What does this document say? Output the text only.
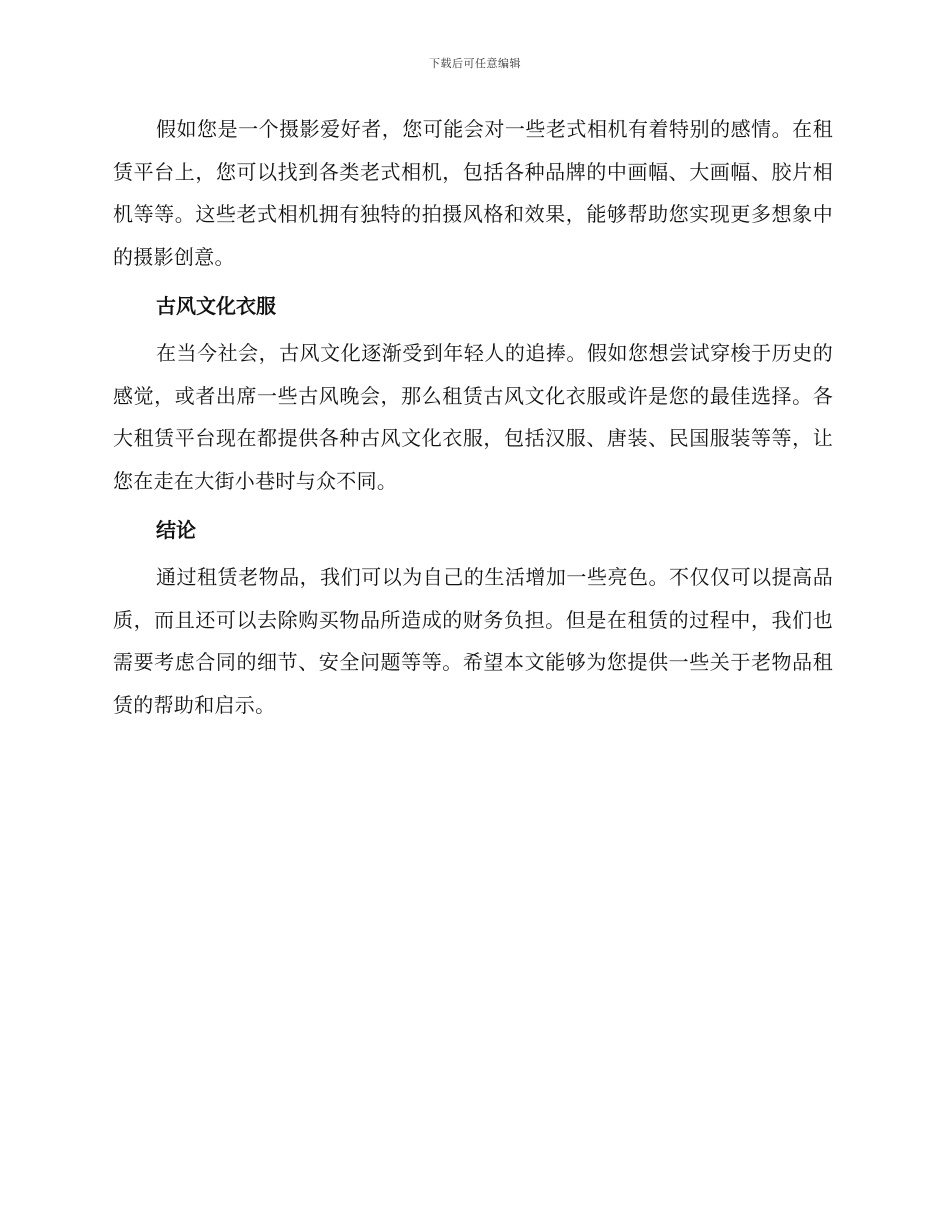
下载后可任意编辑

假如您是一个摄影爱好者，您可能会对一些老式相机有着特别的感情。在租赁平台上，您可以找到各类老式相机，包括各种品牌的中画幅、大画幅、胶片相机等等。这些老式相机拥有独特的拍摄风格和效果，能够帮助您实现更多想象中的摄影创意。

古风文化衣服

在当今社会，古风文化逐渐受到年轻人的追捧。假如您想尝试穿梭于历史的感觉，或者出席一些古风晚会，那么租赁古风文化衣服或许是您的最佳选择。各大租赁平台现在都提供各种古风文化衣服，包括汉服、唐装、民国服装等等，让您在走在大街小巷时与众不同。

结论

通过租赁老物品，我们可以为自己的生活增加一些亮色。不仅仅可以提高品质，而且还可以去除购买物品所造成的财务负担。但是在租赁的过程中，我们也需要考虑合同的细节、安全问题等等。希望本文能够为您提供一些关于老物品租赁的帮助和启示。
